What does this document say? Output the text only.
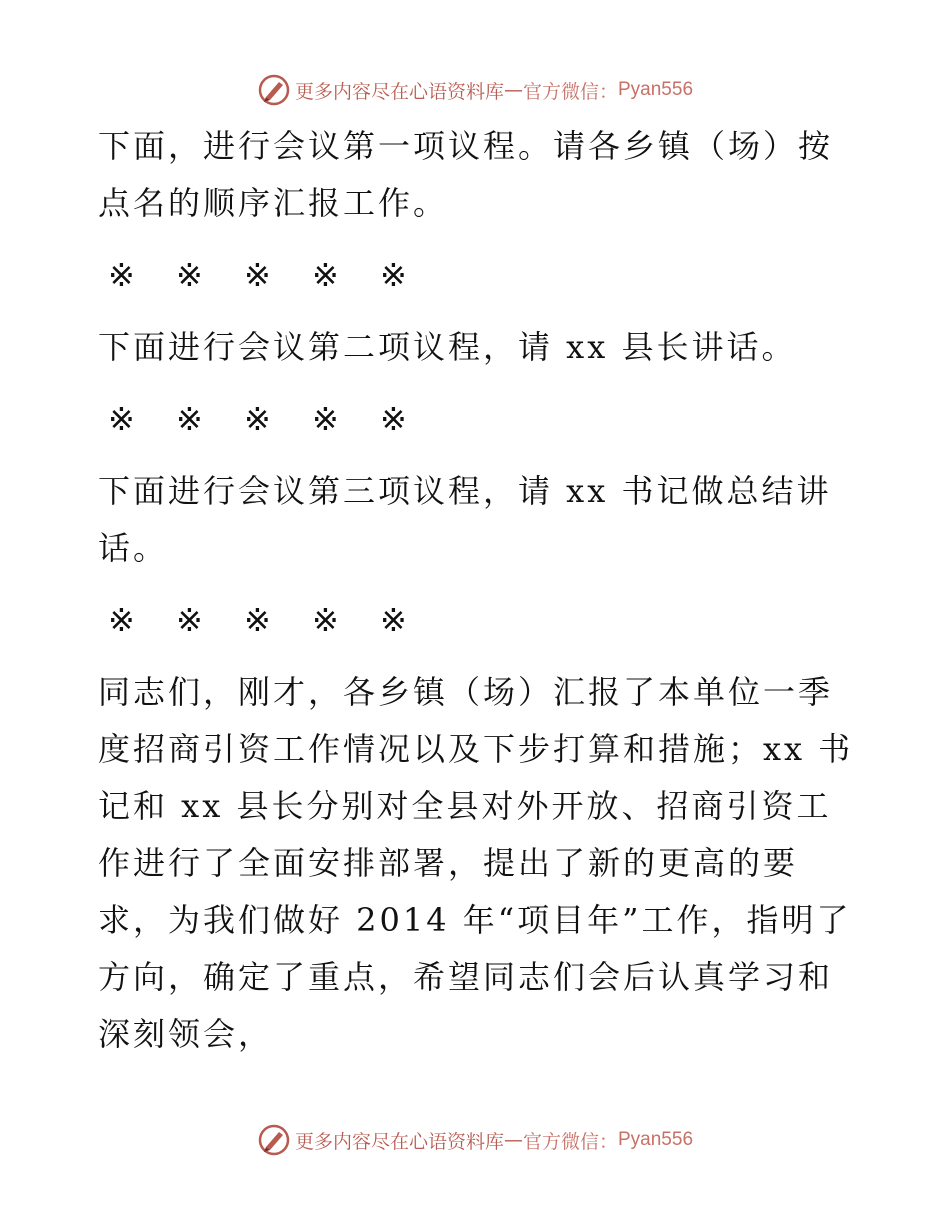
更多内容尽在心语资料库 — 官方微信： Pyan556

下面，进行会议第一项议程。请各乡镇（场）按点名的顺序汇报工作。

※	※	※	※	※

下面进行会议第二项议程，请 xx 县长讲话。

※	※	※	※	※

下面进行会议第三项议程，请 xx 书记做总结讲话。

※	※	※	※	※

同志们，刚才，各乡镇（场）汇报了本单位一季度招商引资工作情况以及下步打算和措施；xx 书记和 xx 县长分别对全县对外开放、招商引资工作进行了全面安排部署，提出了新的更高的要求，为我们做好 2014 年“项目年”工作，指明了方向，确定了重点，希望同志们会后认真学习和深刻领会，

更多内容尽在心语资料库 — 官方微信： Pyan556
